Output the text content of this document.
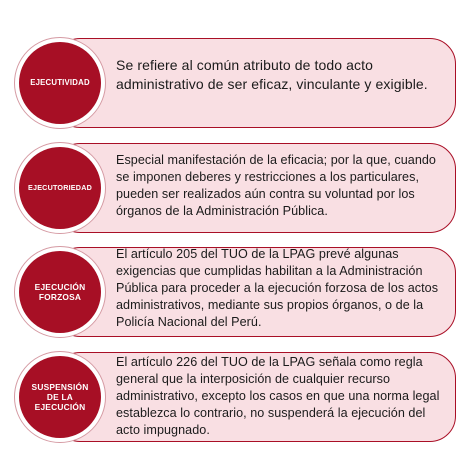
EJECUTIVIDAD
Se refiere al común atributo de todo acto administrativo de ser eficaz, vinculante y exigible.
EJECUTORIEDAD
Especial manifestación de la eficacia; por la que, cuando se imponen deberes y restricciones a los particulares, pueden ser realizados aún contra su voluntad por los órganos de la Administración Pública.
EJECUCIÓN
FORZOSA
El artículo 205 del TUO de la LPAG prevé algunas exigencias que cumplidas habilitan a la Administración Pública para proceder a la ejecución forzosa de los actos administrativos, mediante sus propios órganos, o de la Policía Nacional del Perú.
SUSPENSIÓN
DE LA
EJECUCIÓN
El artículo 226 del TUO de la LPAG señala como regla general que la interposición de cualquier recurso administrativo, excepto los casos en que una norma legal establezca lo contrario, no suspenderá la ejecución del acto impugnado.
